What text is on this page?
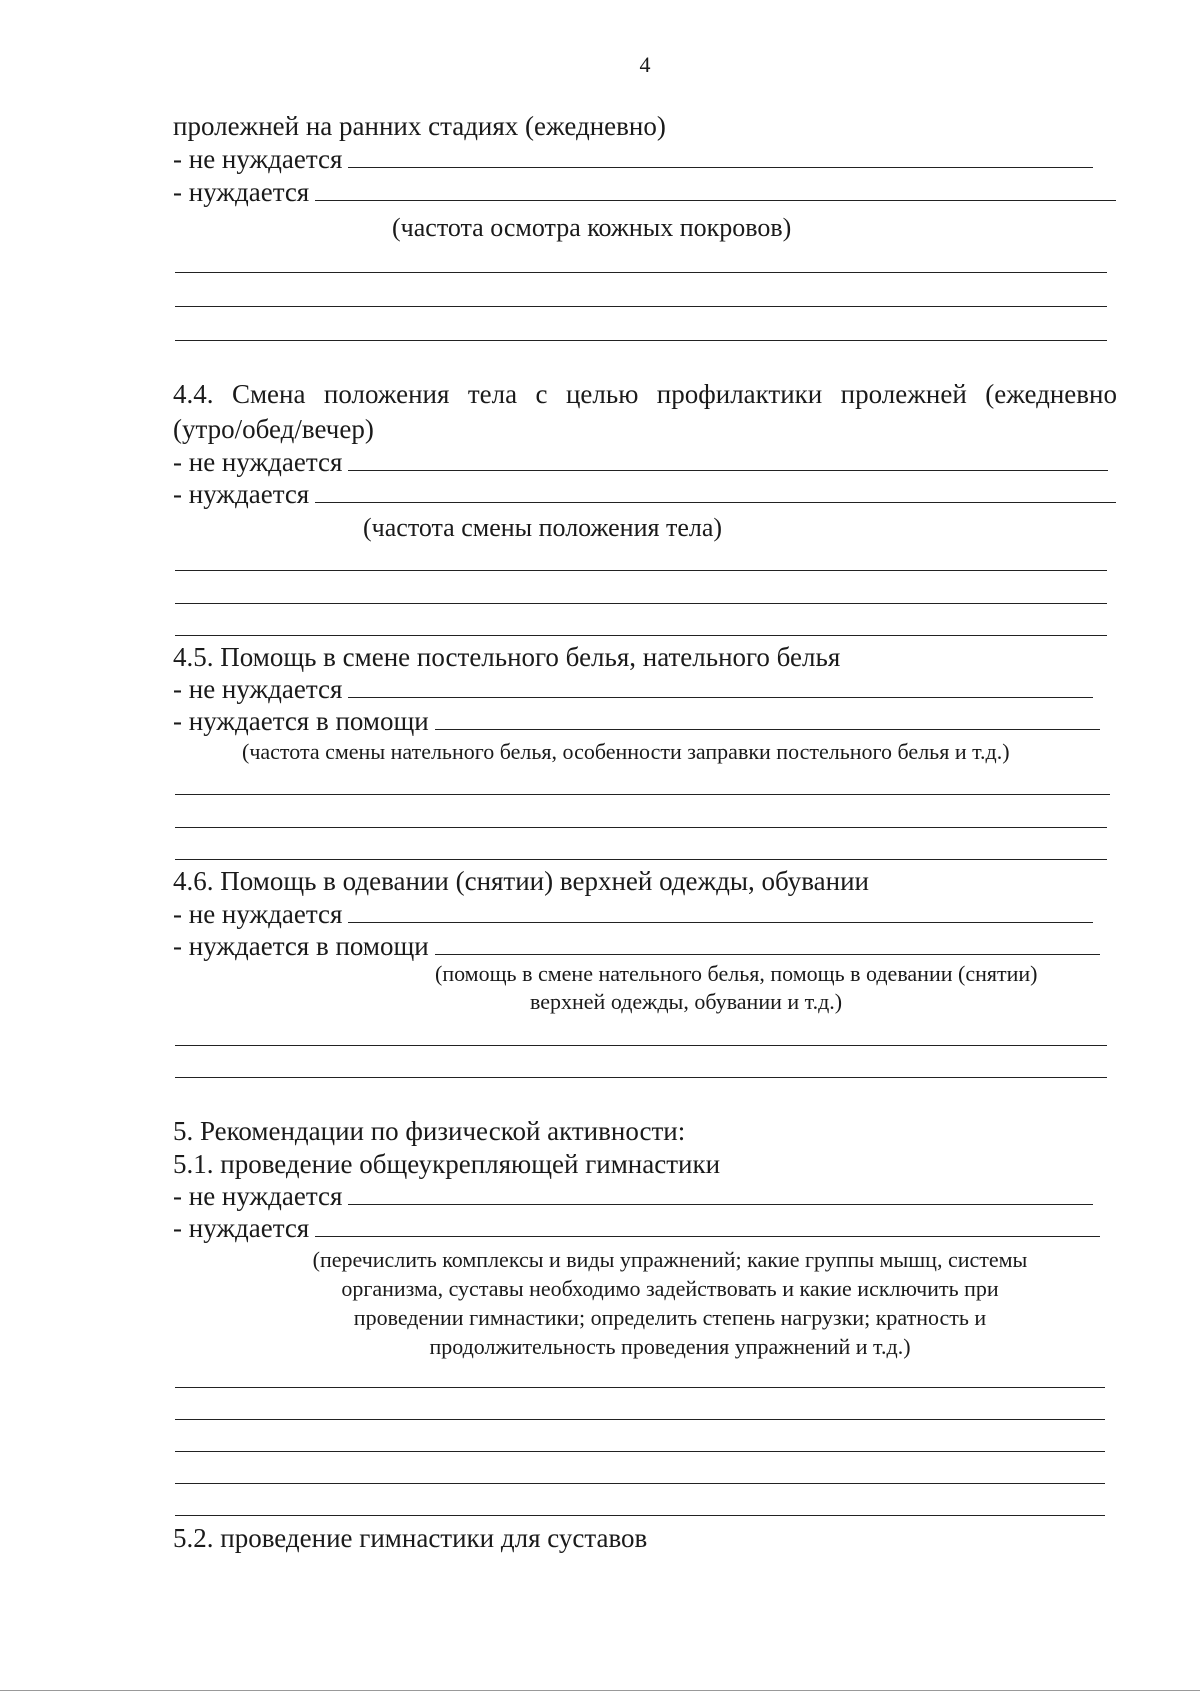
4
пролежней на ранних стадиях (ежедневно)
- не нуждается
- нуждается
(частота осмотра кожных покровов)
4.4. Смена положения тела с целью профилактики пролежней (ежедневно
(утро/обед/вечер)
- не нуждается
- нуждается
(частота смены положения тела)
4.5. Помощь в смене постельного белья, нательного белья
- не нуждается
- нуждается в помощи
(частота смены нательного белья, особенности заправки постельного белья и т.д.)
4.6. Помощь в одевании (снятии) верхней одежды, обувании
- не нуждается
- нуждается в помощи
(помощь в смене нательного белья, помощь в одевании (снятии)
верхней одежды, обувании и т.д.)
5. Рекомендации по физической активности:
5.1. проведение общеукрепляющей гимнастики
- не нуждается
- нуждается
(перечислить комплексы и виды упражнений; какие группы мышц, системы
организма, суставы необходимо задействовать и какие исключить при
проведении гимнастики; определить степень нагрузки; кратность и
продолжительность проведения упражнений и т.д.)
5.2. проведение гимнастики для суставов
